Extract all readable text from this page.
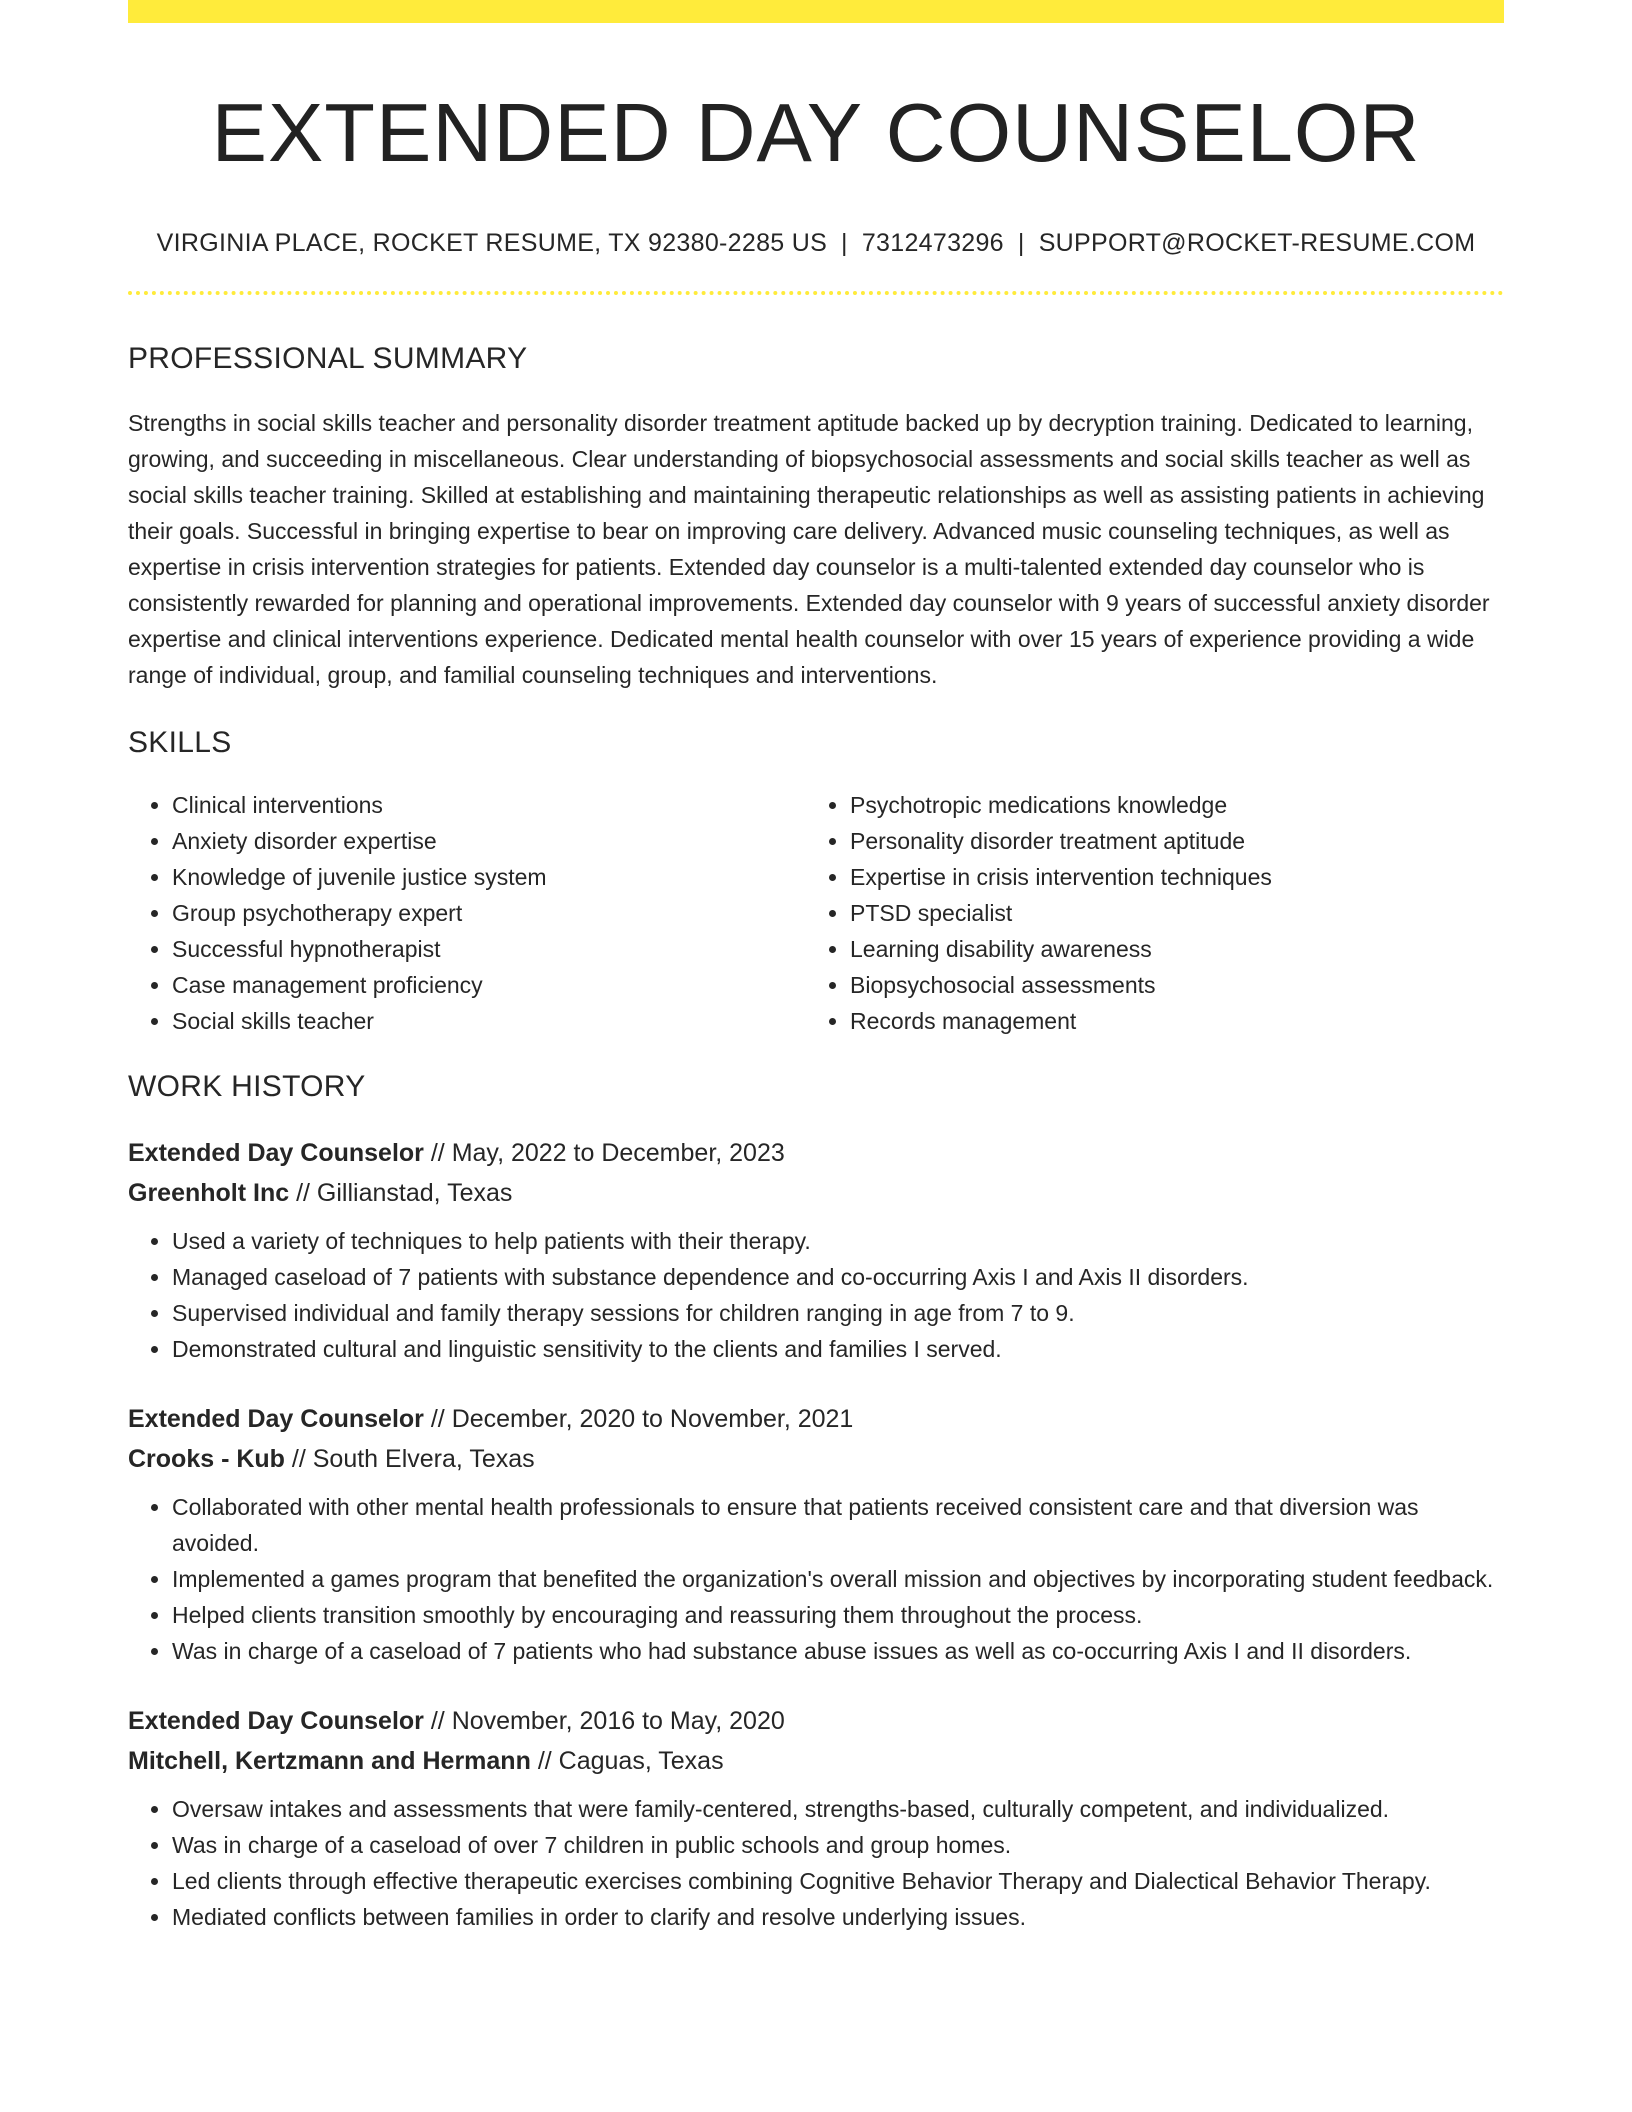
EXTENDED DAY COUNSELOR
VIRGINIA PLACE, ROCKET RESUME, TX 92380-2285 US | 7312473296 | SUPPORT@ROCKET-RESUME.COM
PROFESSIONAL SUMMARY

Strengths in social skills teacher and personality disorder treatment aptitude backed up by decryption training. Dedicated to learning, growing, and succeeding in miscellaneous. Clear understanding of biopsychosocial assessments and social skills teacher as well as social skills teacher training. Skilled at establishing and maintaining therapeutic relationships as well as assisting patients in achieving their goals. Successful in bringing expertise to bear on improving care delivery. Advanced music counseling techniques, as well as expertise in crisis intervention strategies for patients. Extended day counselor is a multi-talented extended day counselor who is consistently rewarded for planning and operational improvements. Extended day counselor with 9 years of successful anxiety disorder expertise and clinical interventions experience. Dedicated mental health counselor with over 15 years of experience providing a wide range of individual, group, and familial counseling techniques and interventions.

SKILLS
• Clinical interventions
• Anxiety disorder expertise
• Knowledge of juvenile justice system
• Group psychotherapy expert
• Successful hypnotherapist
• Case management proficiency
• Social skills teacher
• Psychotropic medications knowledge
• Personality disorder treatment aptitude
• Expertise in crisis intervention techniques
• PTSD specialist
• Learning disability awareness
• Biopsychosocial assessments
• Records management
WORK HISTORY
Extended Day Counselor // May, 2022 to December, 2023
Greenholt Inc // Gillianstad, Texas
• Used a variety of techniques to help patients with their therapy.
• Managed caseload of 7 patients with substance dependence and co-occurring Axis I and Axis II disorders.
• Supervised individual and family therapy sessions for children ranging in age from 7 to 9.
• Demonstrated cultural and linguistic sensitivity to the clients and families I served.
Extended Day Counselor // December, 2020 to November, 2021
Crooks - Kub // South Elvera, Texas
• Collaborated with other mental health professionals to ensure that patients received consistent care and that diversion was avoided.
• Implemented a games program that benefited the organization's overall mission and objectives by incorporating student feedback.
• Helped clients transition smoothly by encouraging and reassuring them throughout the process.
• Was in charge of a caseload of 7 patients who had substance abuse issues as well as co-occurring Axis I and II disorders.
Extended Day Counselor // November, 2016 to May, 2020
Mitchell, Kertzmann and Hermann // Caguas, Texas
• Oversaw intakes and assessments that were family-centered, strengths-based, culturally competent, and individualized.
• Was in charge of a caseload of over 7 children in public schools and group homes.
• Led clients through effective therapeutic exercises combining Cognitive Behavior Therapy and Dialectical Behavior Therapy.
• Mediated conflicts between families in order to clarify and resolve underlying issues.
